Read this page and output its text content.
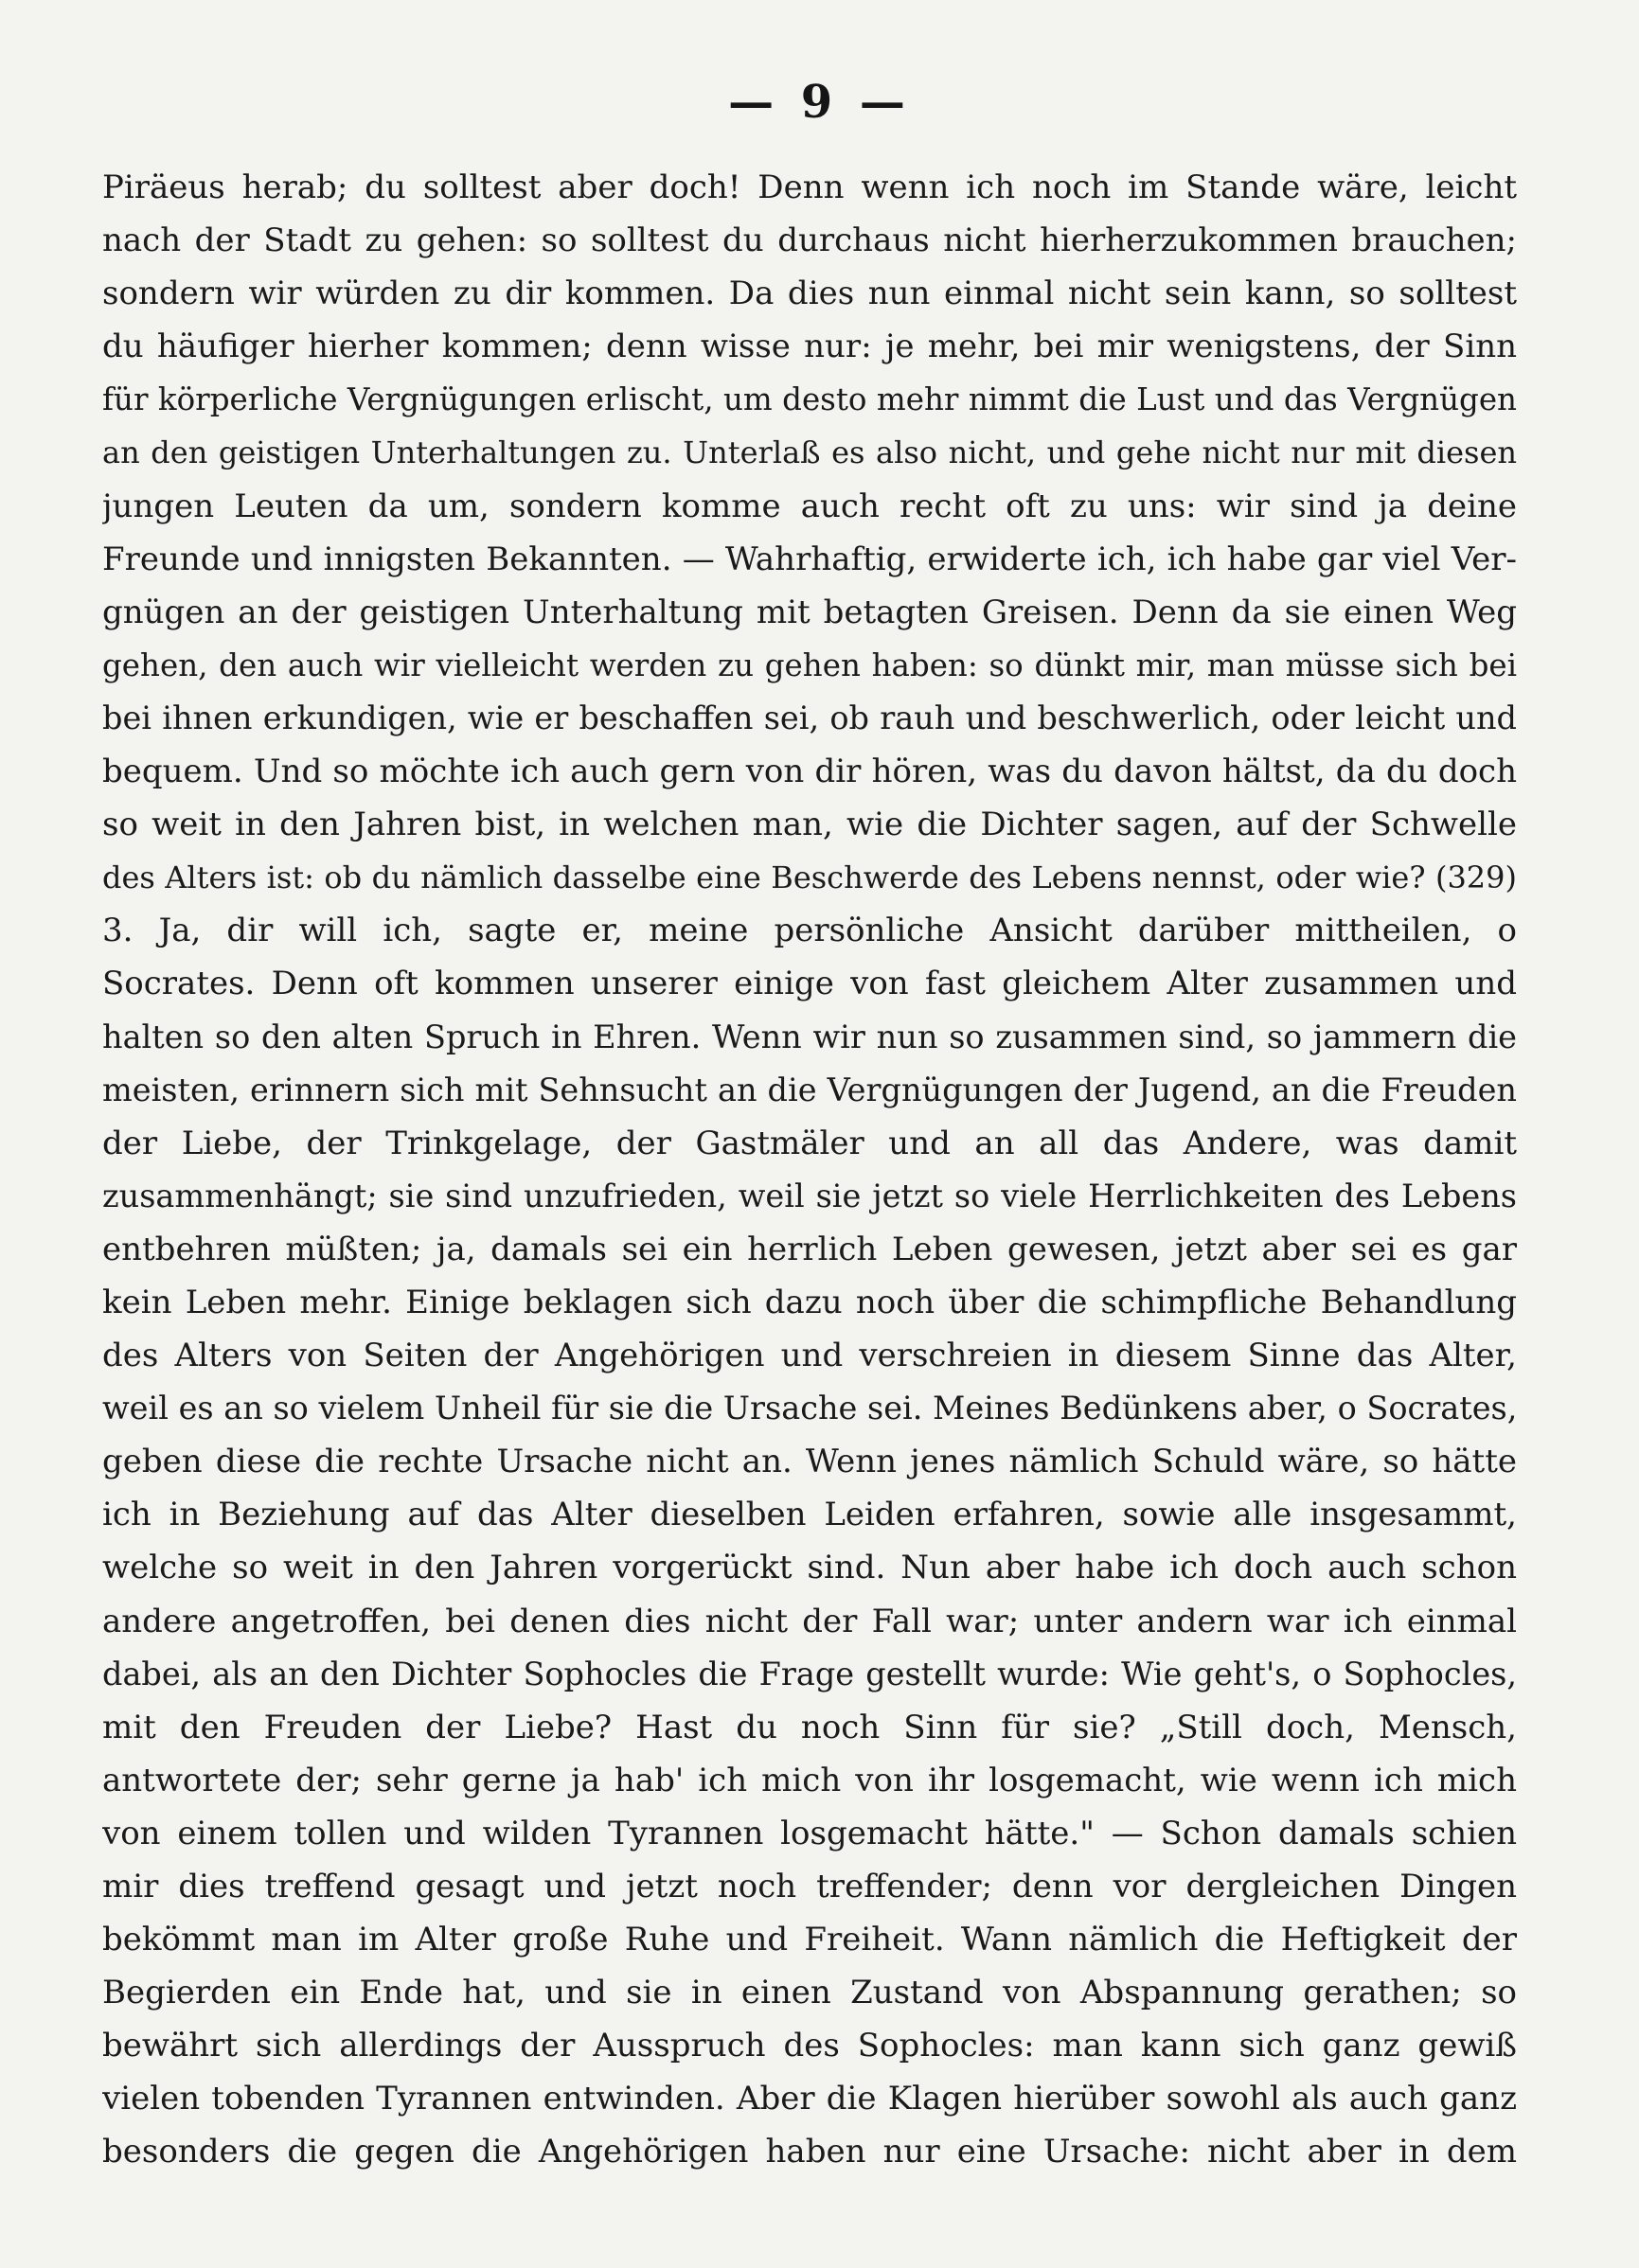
— 9 —
Piräeus herab; du solltest aber doch! Denn wenn ich noch im Stande wäre, leicht
nach der Stadt zu gehen: so solltest du durchaus nicht hierherzukommen brauchen;
sondern wir würden zu dir kommen. Da dies nun einmal nicht sein kann, so solltest
du häufiger hierher kommen; denn wisse nur: je mehr, bei mir wenigstens, der Sinn
für körperliche Vergnügungen erlischt, um desto mehr nimmt die Lust und das Vergnügen
an den geistigen Unterhaltungen zu. Unterlaß es also nicht, und gehe nicht nur mit diesen
jungen Leuten da um, sondern komme auch recht oft zu uns: wir sind ja deine
Freunde und innigsten Bekannten. — Wahrhaftig, erwiderte ich, ich habe gar viel Ver-
gnügen an der geistigen Unterhaltung mit betagten Greisen. Denn da sie einen Weg
gehen, den auch wir vielleicht werden zu gehen haben: so dünkt mir, man müsse sich bei
bei ihnen erkundigen, wie er beschaffen sei, ob rauh und beschwerlich, oder leicht und
bequem. Und so möchte ich auch gern von dir hören, was du davon hältst, da du doch
so weit in den Jahren bist, in welchen man, wie die Dichter sagen, auf der Schwelle
des Alters ist: ob du nämlich dasselbe eine Beschwerde des Lebens nennst, oder wie? (329)
3. Ja, dir will ich, sagte er, meine persönliche Ansicht darüber mittheilen, o
Socrates. Denn oft kommen unserer einige von fast gleichem Alter zusammen und
halten so den alten Spruch in Ehren. Wenn wir nun so zusammen sind, so jammern die
meisten, erinnern sich mit Sehnsucht an die Vergnügungen der Jugend, an die Freuden
der Liebe, der Trinkgelage, der Gastmäler und an all das Andere, was damit
zusammenhängt; sie sind unzufrieden, weil sie jetzt so viele Herrlichkeiten des Lebens
entbehren müßten; ja, damals sei ein herrlich Leben gewesen, jetzt aber sei es gar
kein Leben mehr. Einige beklagen sich dazu noch über die schimpfliche Behandlung
des Alters von Seiten der Angehörigen und verschreien in diesem Sinne das Alter,
weil es an so vielem Unheil für sie die Ursache sei. Meines Bedünkens aber, o Socrates,
geben diese die rechte Ursache nicht an. Wenn jenes nämlich Schuld wäre, so hätte
ich in Beziehung auf das Alter dieselben Leiden erfahren, sowie alle insgesammt,
welche so weit in den Jahren vorgerückt sind. Nun aber habe ich doch auch schon
andere angetroffen, bei denen dies nicht der Fall war; unter andern war ich einmal
dabei, als an den Dichter Sophocles die Frage gestellt wurde: Wie geht's, o Sophocles,
mit den Freuden der Liebe? Hast du noch Sinn für sie? „Still doch, Mensch,
antwortete der; sehr gerne ja hab' ich mich von ihr losgemacht, wie wenn ich mich
von einem tollen und wilden Tyrannen losgemacht hätte." — Schon damals schien
mir dies treffend gesagt und jetzt noch treffender; denn vor dergleichen Dingen
bekömmt man im Alter große Ruhe und Freiheit. Wann nämlich die Heftigkeit der
Begierden ein Ende hat, und sie in einen Zustand von Abspannung gerathen; so
bewährt sich allerdings der Ausspruch des Sophocles: man kann sich ganz gewiß
vielen tobenden Tyrannen entwinden. Aber die Klagen hierüber sowohl als auch ganz
besonders die gegen die Angehörigen haben nur eine Ursache: nicht aber in dem
